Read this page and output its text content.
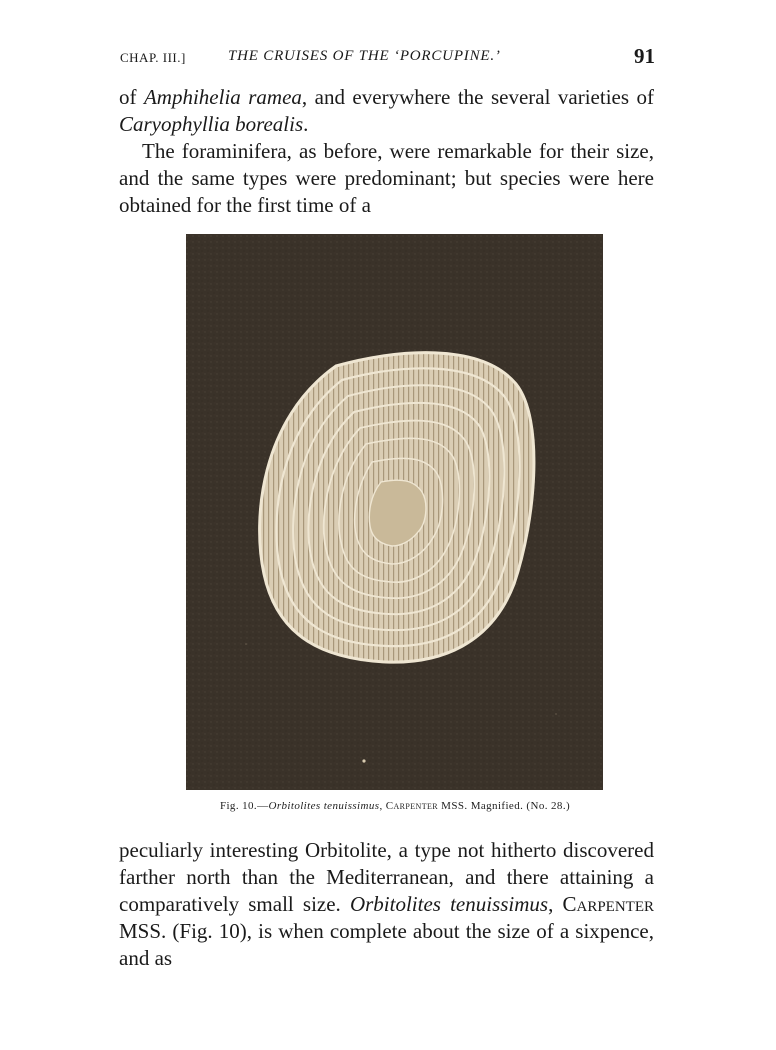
CHAP. III.]	THE CRUISES OF THE ‘PORCUPINE.’	91

of Amphihelia ramea, and everywhere the several varieties of Caryophyllia borealis.

The foraminifera, as before, were remarkable for their size, and the same types were predominant; but species were here obtained for the first time of a

Fig. 10.—Orbitolites tenuissimus, Carpenter MSS. Magnified. (No. 28.)

peculiarly interesting Orbitolite, a type not hitherto discovered farther north than the Mediterranean, and there attaining a comparatively small size. Orbitolites tenuissimus, Carpenter MSS. (Fig. 10), is when complete about the size of a sixpence, and as
